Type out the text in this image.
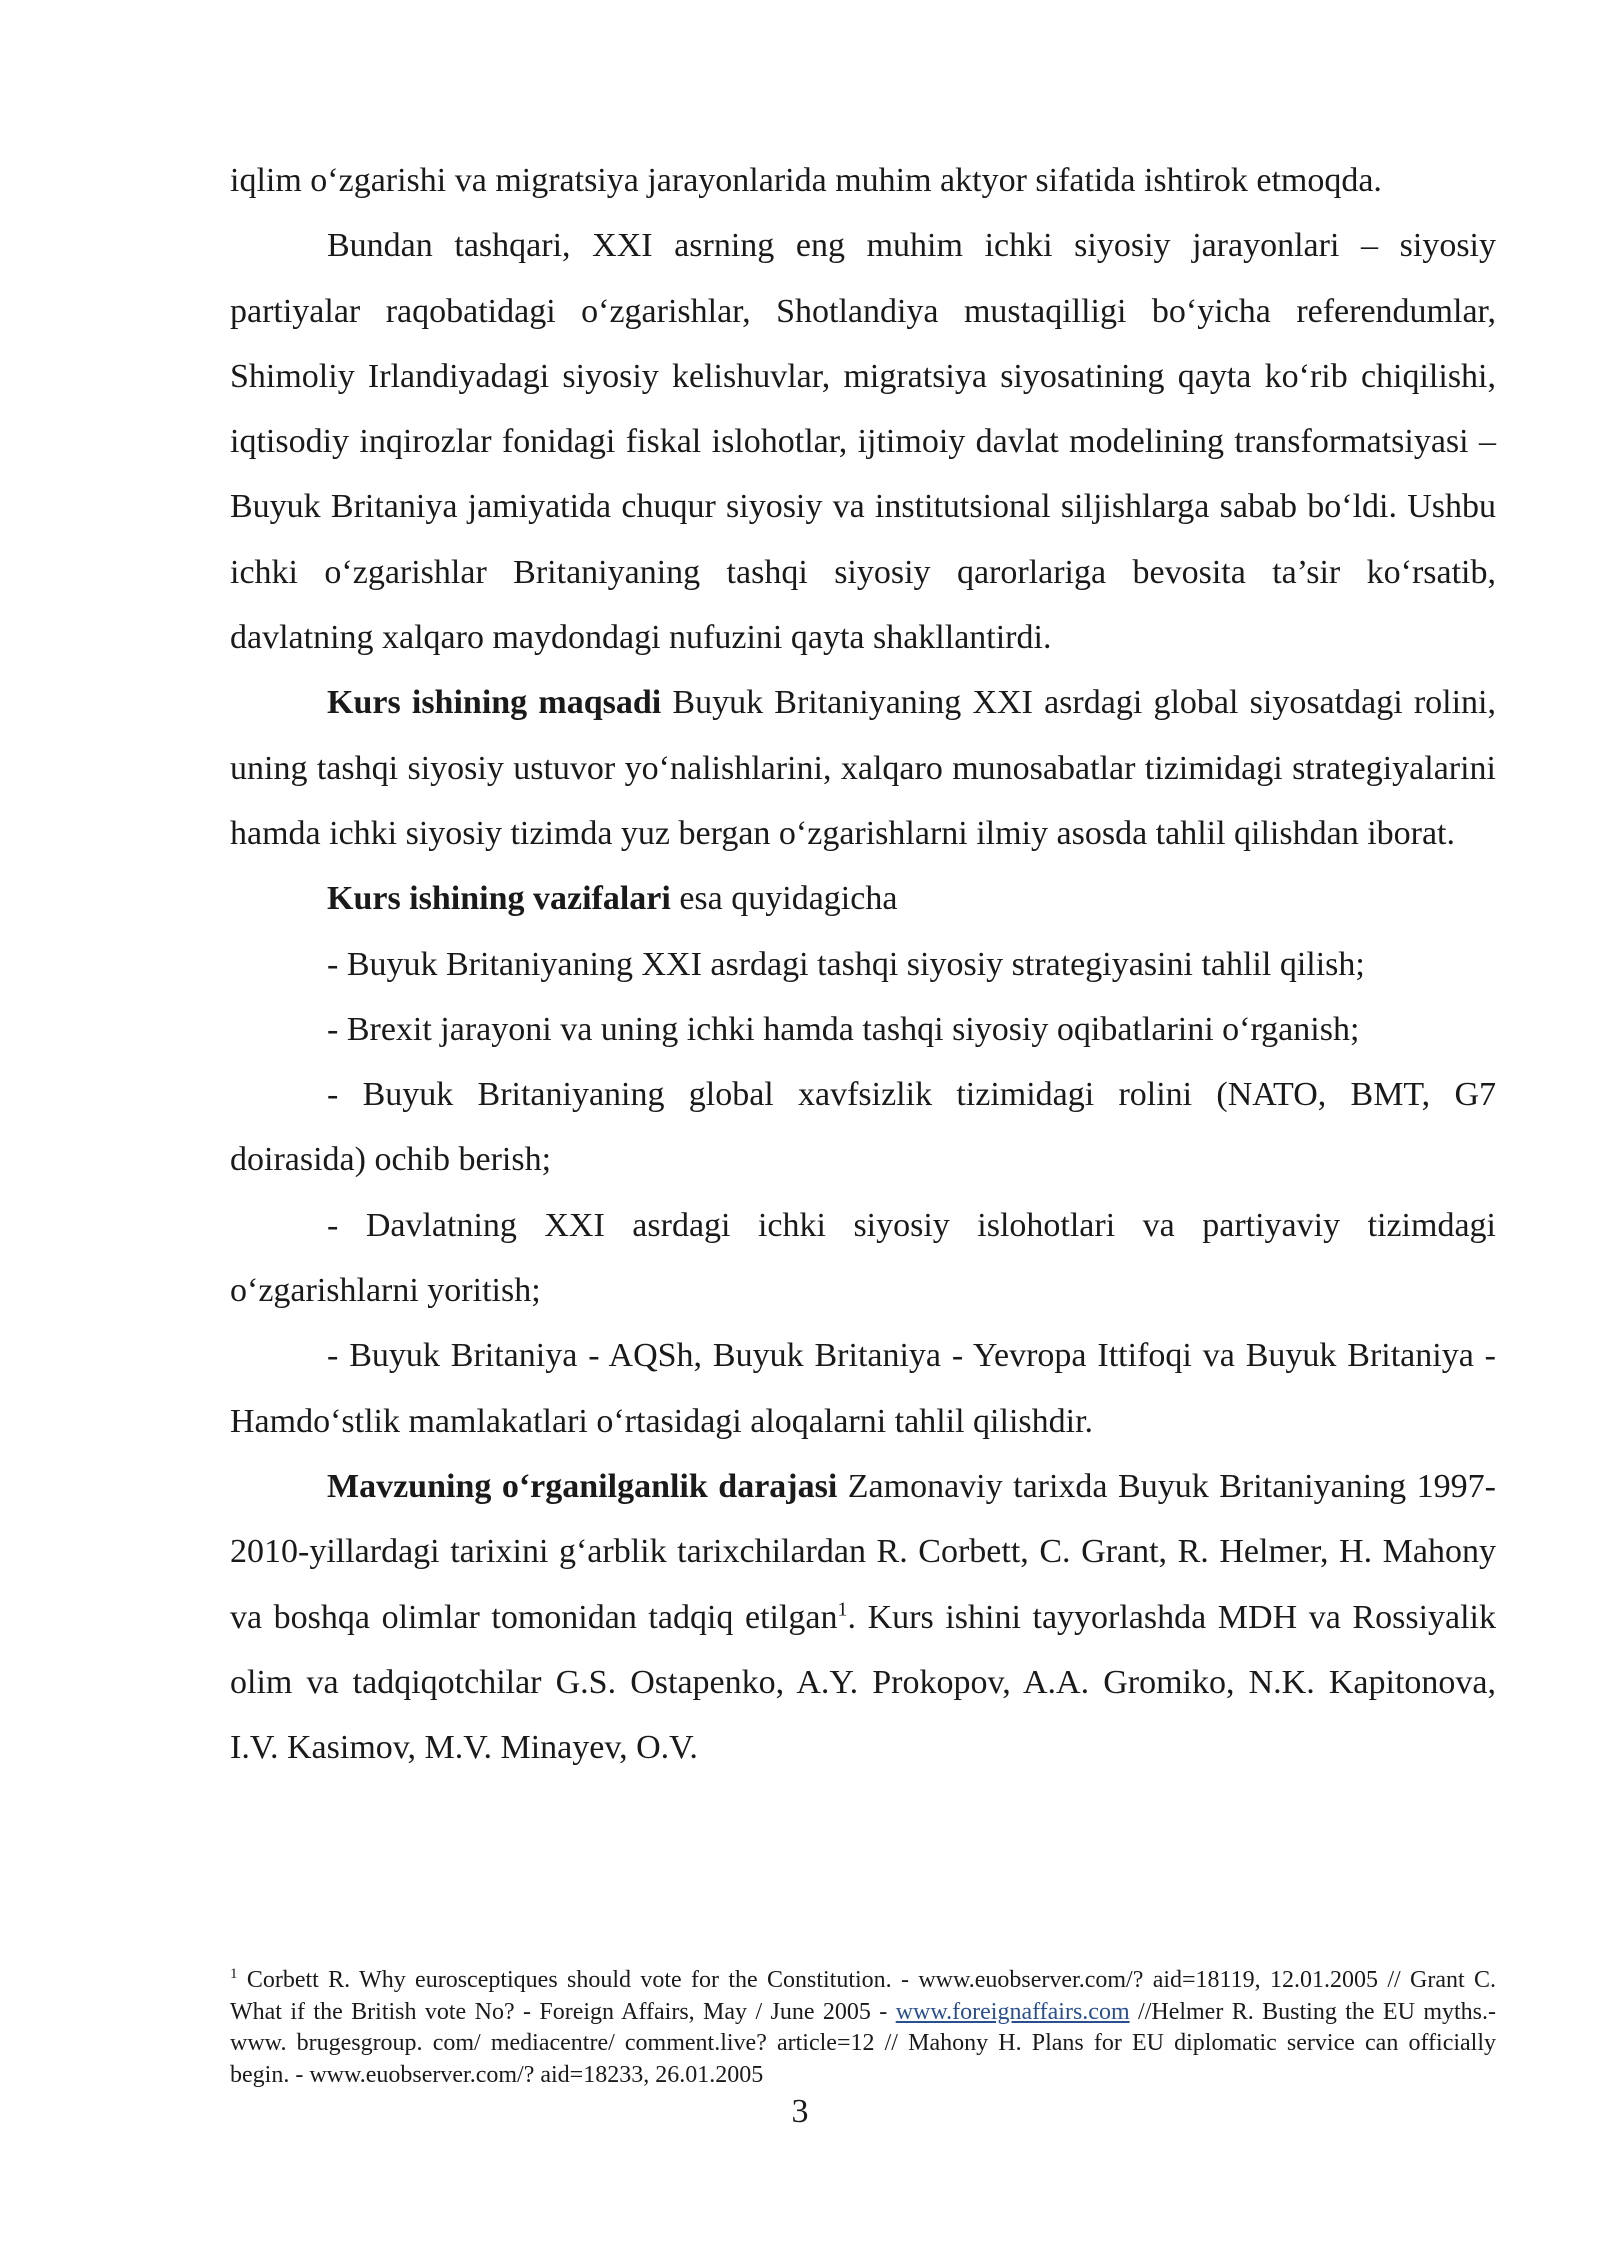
iqlim o‘zgarishi va migratsiya jarayonlarida muhim aktyor sifatida ishtirok etmoqda.

Bundan tashqari, XXI asrning eng muhim ichki siyosiy jarayonlari – siyosiy partiyalar raqobatidagi o‘zgarishlar, Shotlandiya mustaqilligi bo‘yicha referendumlar, Shimoliy Irlandiyadagi siyosiy kelishuvlar, migratsiya siyosatining qayta ko‘rib chiqilishi, iqtisodiy inqirozlar fonidagi fiskal islohotlar, ijtimoiy davlat modelining transformatsiyasi – Buyuk Britaniya jamiyatida chuqur siyosiy va institutsional siljishlarga sabab bo‘ldi. Ushbu ichki o‘zgarishlar Britaniyaning tashqi siyosiy qarorlariga bevosita ta’sir ko‘rsatib, davlatning xalqaro maydondagi nufuzini qayta shakllantirdi.

Kurs ishining maqsadi Buyuk Britaniyaning XXI asrdagi global siyosatdagi rolini, uning tashqi siyosiy ustuvor yo‘nalishlarini, xalqaro munosabatlar tizimidagi strategiyalarini hamda ichki siyosiy tizimda yuz bergan o‘zgarishlarni ilmiy asosda tahlil qilishdan iborat.

Kurs ishining vazifalari esa quyidagicha

- Buyuk Britaniyaning XXI asrdagi tashqi siyosiy strategiyasini tahlil qilish;

- Brexit jarayoni va uning ichki hamda tashqi siyosiy oqibatlarini o‘rganish;

- Buyuk Britaniyaning global xavfsizlik tizimidagi rolini (NATO, BMT, G7 doirasida) ochib berish;

- Davlatning XXI asrdagi ichki siyosiy islohotlari va partiyaviy tizimdagi o‘zgarishlarni yoritish;

- Buyuk Britaniya - AQSh, Buyuk Britaniya - Yevropa Ittifoqi va Buyuk Britaniya - Hamdo‘stlik mamlakatlari o‘rtasidagi aloqalarni tahlil qilishdir.

Mavzuning o‘rganilganlik darajasi Zamonaviy tarixda Buyuk Britaniyaning 1997-2010-yillardagi tarixini g‘arblik tarixchilardan R. Corbett, C. Grant, R. Helmer, H. Mahony va boshqa olimlar tomonidan tadqiq etilgan$^1$. Kurs ishini tayyorlashda MDH va Rossiyalik olim va tadqiqotchilar G.S. Ostapenko, A.Y. Prokopov, A.A. Gromiko, N.K. Kapitonova, I.V. Kasimov, M.V. Minayev, O.V.

$^1$ Corbett R. Why eurosceptiques should vote for the Constitution. - www.euobserver.com/? aid=18119, 12.01.2005 // Grant C. What if the British vote No? - Foreign Affairs, May / June 2005 - www.foreignaffairs.com //Helmer R. Busting the EU myths.- www. brugesgroup. com/ mediacentre/ comment.live? article=12 // Mahony H. Plans for EU diplomatic service can officially begin. - www.euobserver.com/? aid=18233, 26.01.2005

3
